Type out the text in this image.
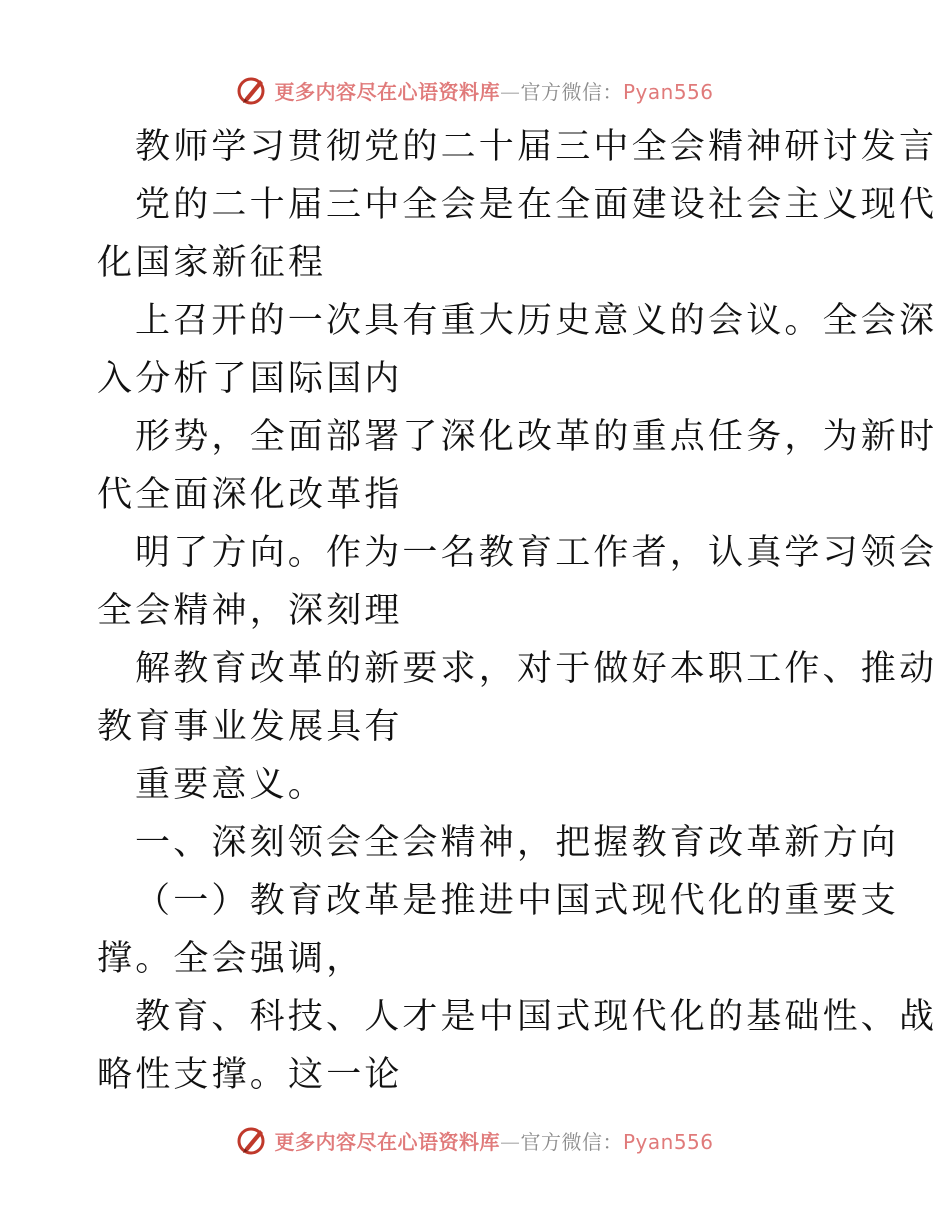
更多内容尽在心语资料库—官方微信：Pyan556
教师学习贯彻党的二十届三中全会精神研讨发言
党的二十届三中全会是在全面建设社会主义现代
化国家新征程
上召开的一次具有重大历史意义的会议。全会深
入分析了国际国内
形势，全面部署了深化改革的重点任务，为新时
代全面深化改革指
明了方向。作为一名教育工作者，认真学习领会
全会精神，深刻理
解教育改革的新要求，对于做好本职工作、推动
教育事业发展具有
重要意义。
一、深刻领会全会精神，把握教育改革新方向
（一）教育改革是推进中国式现代化的重要支
撑。全会强调，
教育、科技、人才是中国式现代化的基础性、战
略性支撑。这一论
更多内容尽在心语资料库—官方微信：Pyan556
